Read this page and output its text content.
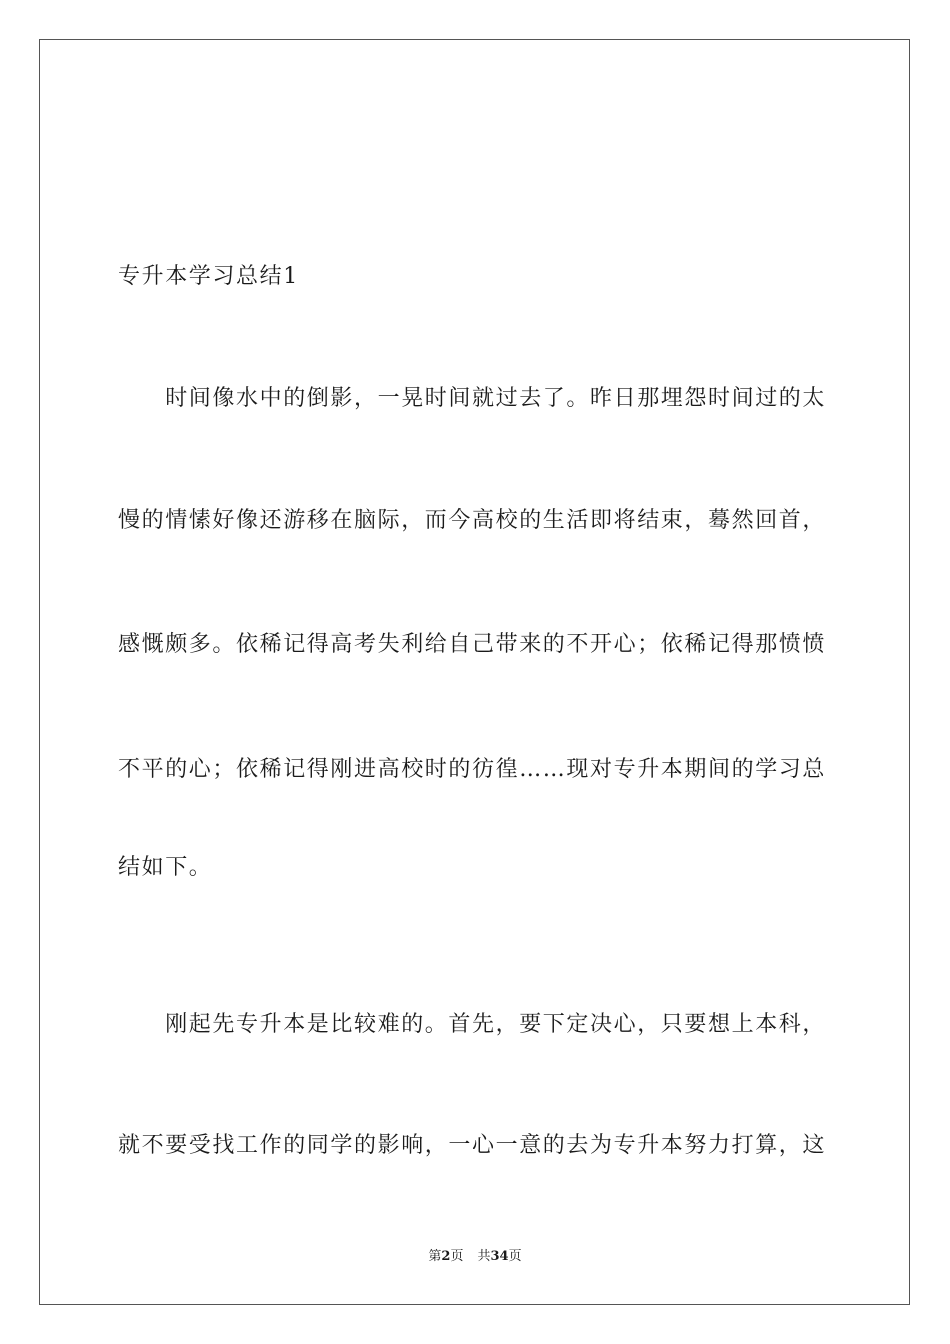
专升本学习总结1
　　时间像水中的倒影，一晃时间就过去了。昨日那埋怨时间过的太
慢的情愫好像还游移在脑际，而今高校的生活即将结束，蓦然回首，
感慨颇多。依稀记得高考失利给自己带来的不开心；依稀记得那愤愤
不平的心；依稀记得刚进高校时的彷徨……现对专升本期间的学习总
结如下。
　　刚起先专升本是比较难的。首先，要下定决心，只要想上本科，
就不要受找工作的同学的影响，一心一意的去为专升本努力打算，这
第2页 共34页
